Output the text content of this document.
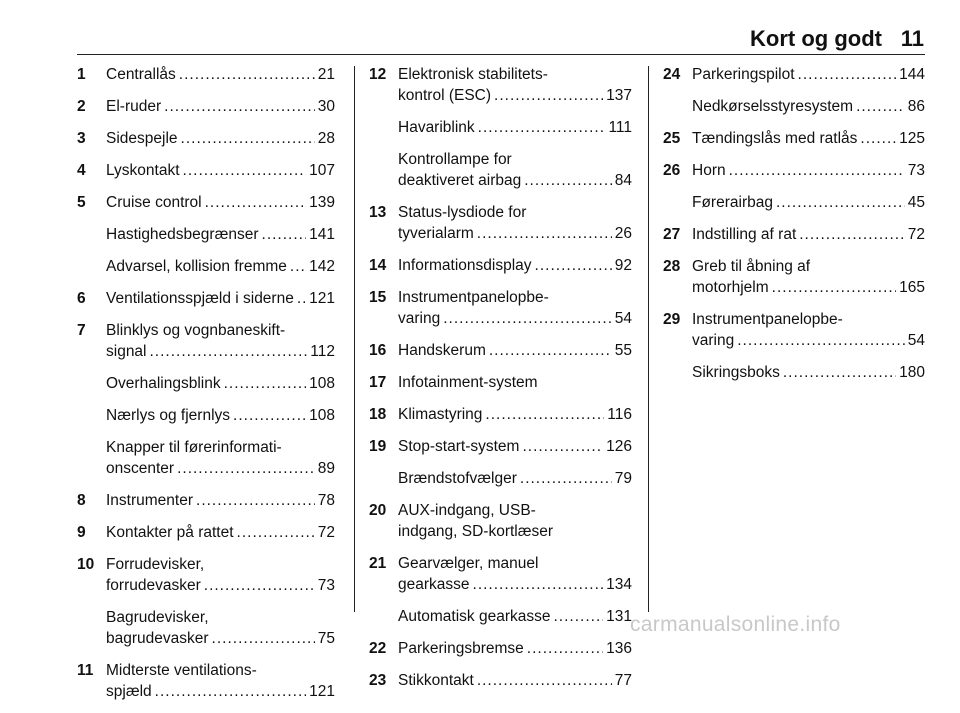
Kort og godt 11
1 Centrallås .....	21
2 El-ruder .....	30
3 Sidespejle .....	28
4 Lyskontakt .....	107
5 Cruise control .....	139
Hastighedsbegrænser .....	141
Advarsel, kollision fremme ..... 142
6 Ventilationsspjæld i siderne ..... 121
7 Blinklys og vognbaneskift-
signal .....	112
Overhalingsblink .....	108
Nærlys og fjernlys .....	108
Knapper til førerinformati-
onscenter .....	89
8 Instrumenter .....	78
9 Kontakter på rattet .....	72
10 Forrudevisker,
forrudevasker .....	73
Bagrudevisker,
bagrudevasker .....	75
11 Midterste ventilations-
spjæld .....	121
12 Elektronisk stabilitets-
kontrol (ESC) .....	137
Havariblink .....	111
Kontrollampe for
deaktiveret airbag .....	84
13 Status-lysdiode for
tyverialarm .....	26
14 Informationsdisplay .....	92
15 Instrumentpanelopbe-
varing .....	54
16 Handskerum .....	55
17 Infotainment-system
18 Klimastyring .....	116
19 Stop-start-system .....	126
Brændstofvælger .....	79
20 AUX-indgang, USB-
indgang, SD-kortlæser
21 Gearvælger, manuel
gearkasse .....	134
Automatisk gearkasse .....	131
22 Parkeringsbremse .....	136
23 Stikkontakt .....	77
24 Parkeringspilot .....	144
Nedkørselsstyresystem .....	86
25 Tændingslås med ratlås .....	125
26 Horn .....	73
Førerairbag .....	45
27 Indstilling af rat .....	72
28 Greb til åbning af
motorhjelm .....	165
29 Instrumentpanelopbe-
varing .....	54
Sikringsboks .....	180
carmanualsonline.info
